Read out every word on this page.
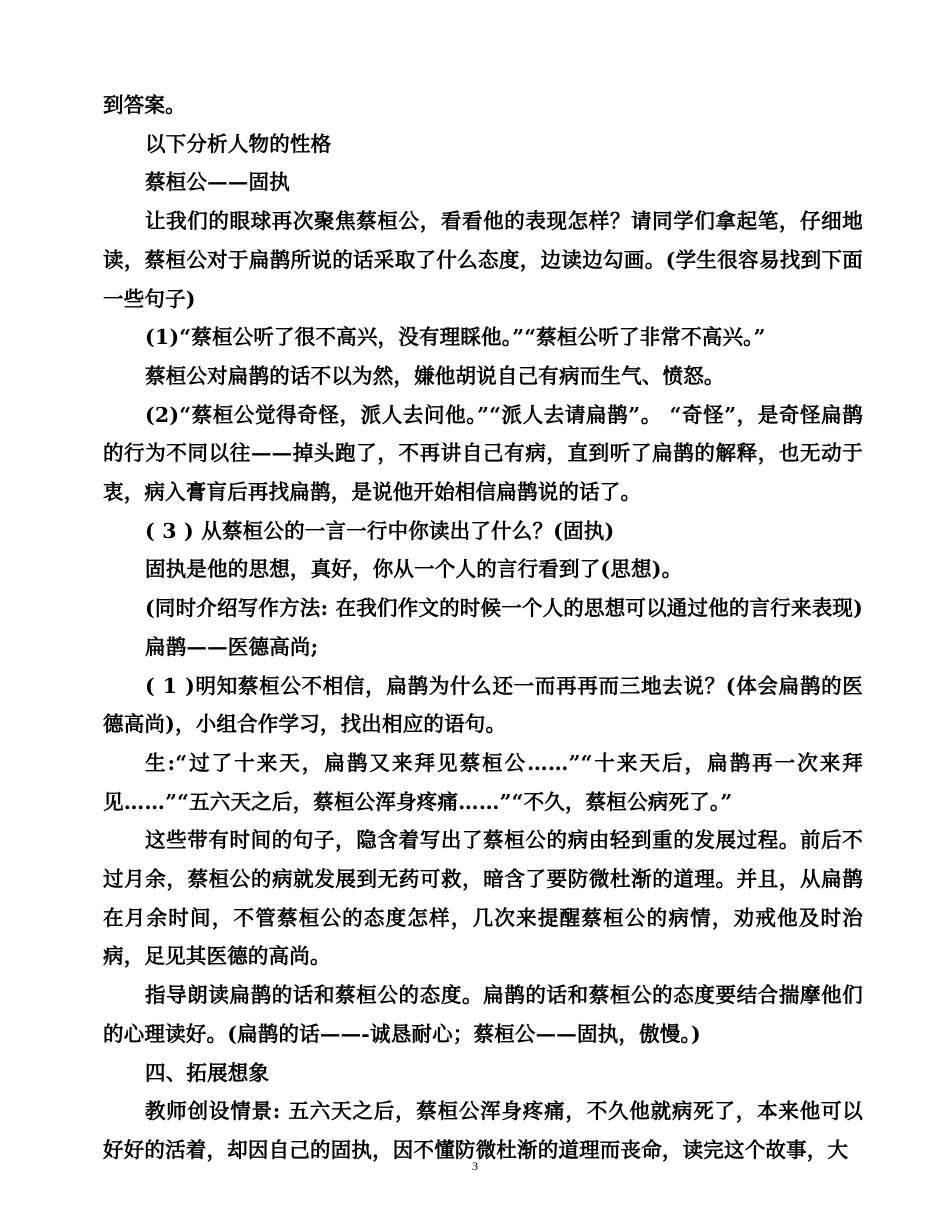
到答案。

以下分析人物的性格

蔡桓公——固执

让我们的眼球再次聚焦蔡桓公，看看他的表现怎样？请同学们拿起笔，仔细地读，蔡桓公对于扁鹊所说的话采取了什么态度，边读边勾画。(学生很容易找到下面一些句子)

(1)“蔡桓公听了很不高兴，没有理睬他。”“蔡桓公听了非常不高兴。”

蔡桓公对扁鹊的话不以为然，嫌他胡说自己有病而生气、愤怒。

(2)“蔡桓公觉得奇怪，派人去问他。”“派人去请扁鹊”。 “奇怪”，是奇怪扁鹊的行为不同以往——掉头跑了，不再讲自己有病，直到听了扁鹊的解释，也无动于衷，病入膏肓后再找扁鹊，是说他开始相信扁鹊说的话了。

( 3 ) 从蔡桓公的一言一行中你读出了什么？(固执)

固执是他的思想，真好，你从一个人的言行看到了(思想)。

(同时介绍写作方法: 在我们作文的时候一个人的思想可以通过他的言行来表现)

扁鹊——医德高尚;

( 1 )明知蔡桓公不相信，扁鹊为什么还一而再再而三地去说？(体会扁鹊的医德高尚)，小组合作学习，找出相应的语句。

生:“过了十来天，扁鹊又来拜见蔡桓公……”“十来天后，扁鹊再一次来拜见……”“五六天之后，蔡桓公浑身疼痛……”“不久，蔡桓公病死了。”

这些带有时间的句子，隐含着写出了蔡桓公的病由轻到重的发展过程。前后不过月余，蔡桓公的病就发展到无药可救，暗含了要防微杜渐的道理。并且，从扁鹊在月余时间，不管蔡桓公的态度怎样，几次来提醒蔡桓公的病情，劝戒他及时治病，足见其医德的高尚。

指导朗读扁鹊的话和蔡桓公的态度。扁鹊的话和蔡桓公的态度要结合揣摩他们的心理读好。(扁鹊的话——-诚恳耐心；蔡桓公——固执，傲慢。)

四、拓展想象

教师创设情景: 五六天之后，蔡桓公浑身疼痛，不久他就病死了，本来他可以好好的活着，却因自己的固执，因不懂防微杜渐的道理而丧命，读完这个故事，大

3
